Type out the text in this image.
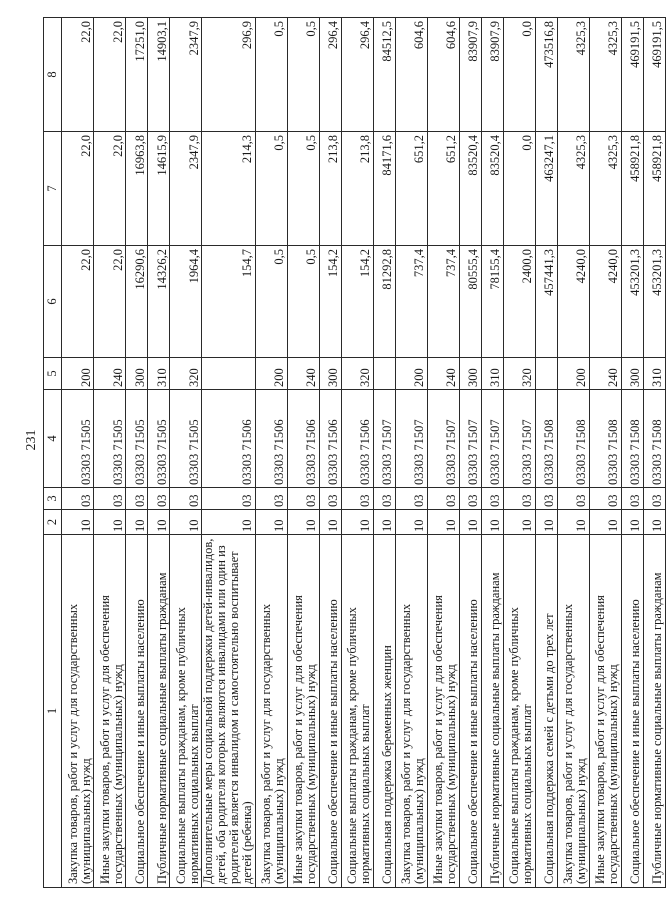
231
1	2	3	4	5	6	7	8
Закупка товаров, работ и услуг для государственных (муниципальных) нужд	10	03	03303 71505	200	22,0	22,0	22,0
Иные закупки товаров, работ и услуг для обеспечения государственных (муниципальных) нужд	10	03	03303 71505	240	22,0	22,0	22,0
Социальное обеспечение и иные выплаты населению	10	03	03303 71505	300	16290,6	16963,8	17251,0
Публичные нормативные социальные выплаты гражданам	10	03	03303 71505	310	14326,2	14615,9	14903,1
Социальные выплаты гражданам, кроме публичных нормативных социальных выплат	10	03	03303 71505	320	1964,4	2347,9	2347,9
Дополнительные меры социальной поддержки детей-инвалидов, детей, оба родителя которых являются инвалидами или один из родителей является инвалидом и самостоятельно воспитывает детей (ребенка)	10	03	03303 71506		154,7	214,3	296,9
Закупка товаров, работ и услуг для государственных (муниципальных) нужд	10	03	03303 71506	200	0,5	0,5	0,5
Иные закупки товаров, работ и услуг для обеспечения государственных (муниципальных) нужд	10	03	03303 71506	240	0,5	0,5	0,5
Социальное обеспечение и иные выплаты населению	10	03	03303 71506	300	154,2	213,8	296,4
Социальные выплаты гражданам, кроме публичных нормативных социальных выплат	10	03	03303 71506	320	154,2	213,8	296,4
Социальная поддержка беременных женщин	10	03	03303 71507		81292,8	84171,6	84512,5
Закупка товаров, работ и услуг для государственных (муниципальных) нужд	10	03	03303 71507	200	737,4	651,2	604,6
Иные закупки товаров, работ и услуг для обеспечения государственных (муниципальных) нужд	10	03	03303 71507	240	737,4	651,2	604,6
Социальное обеспечение и иные выплаты населению	10	03	03303 71507	300	80555,4	83520,4	83907,9
Публичные нормативные социальные выплаты гражданам	10	03	03303 71507	310	78155,4	83520,4	83907,9
Социальные выплаты гражданам, кроме публичных нормативных социальных выплат	10	03	03303 71507	320	2400,0	0,0	0,0
Социальная поддержка семей с детьми до трех лет	10	03	03303 71508		457441,3	463247,1	473516,8
Закупка товаров, работ и услуг для государственных (муниципальных) нужд	10	03	03303 71508	200	4240,0	4325,3	4325,3
Иные закупки товаров, работ и услуг для обеспечения государственных (муниципальных) нужд	10	03	03303 71508	240	4240,0	4325,3	4325,3
Социальное обеспечение и иные выплаты населению	10	03	03303 71508	300	453201,3	458921,8	469191,5
Публичные нормативные социальные выплаты гражданам	10	03	03303 71508	310	453201,3	458921,8	469191,5
